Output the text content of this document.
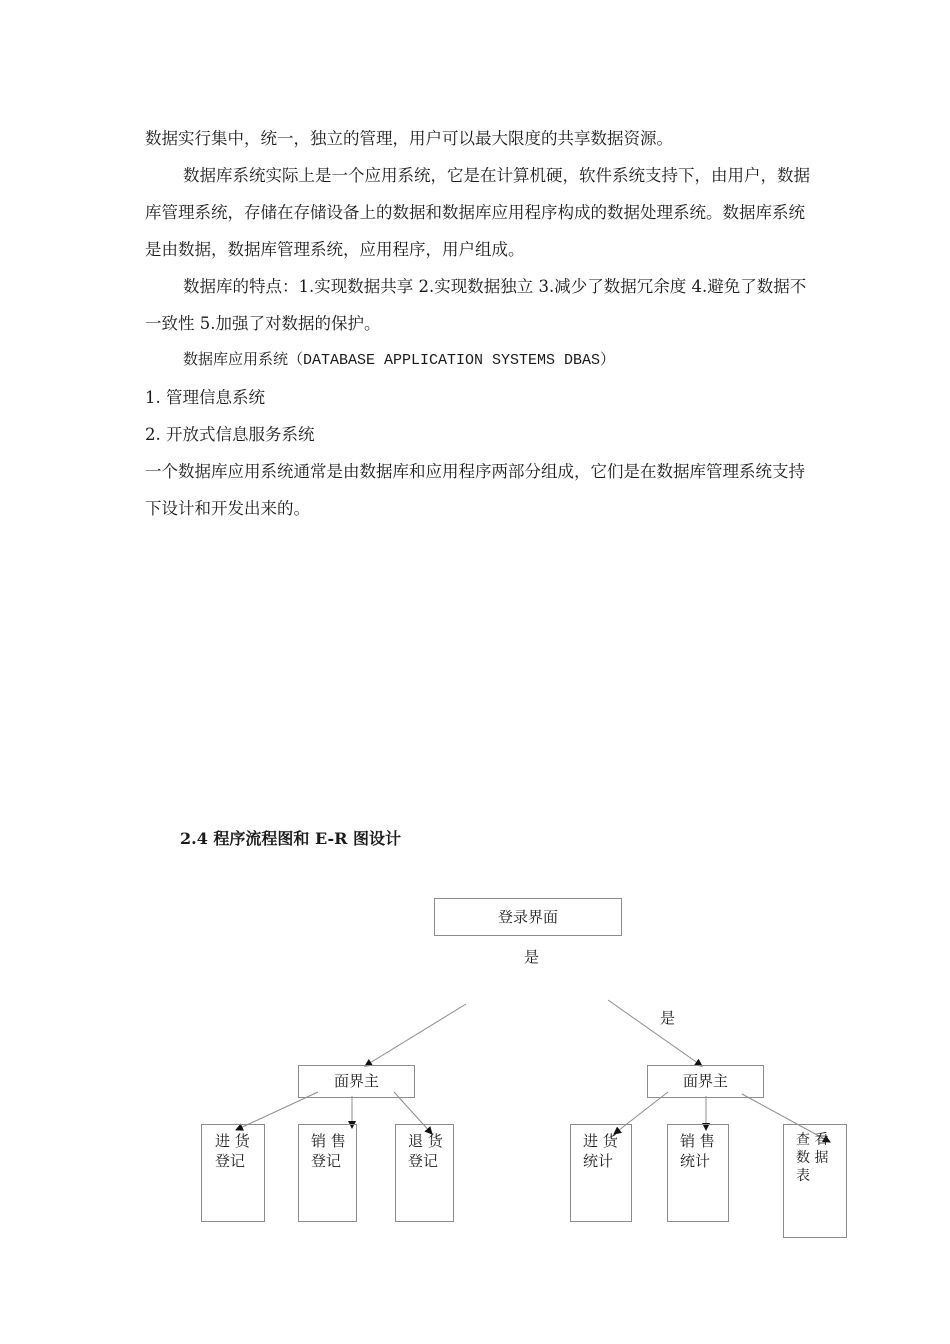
数据实行集中，统一，独立的管理，用户可以最大限度的共享数据资源。

数据库系统实际上是一个应用系统，它是在计算机硬，软件系统支持下，由用户，数据库管理系统，存储在存储设备上的数据和数据库应用程序构成的数据处理系统。数据库系统是由数据，数据库管理系统，应用程序，用户组成。

数据库的特点：1.实现数据共享 2.实现数据独立 3.减少了数据冗余度 4.避免了数据不一致性 5.加强了对数据的保护。

数据库应用系统（DATABASE APPLICATION SYSTEMS DBAS）

1. 管理信息系统

2. 开放式信息服务系统

一个数据库应用系统通常是由数据库和应用程序两部分组成，它们是在数据库管理系统支持下设计和开发出来的。

2.4 程序流程图和 E-R 图设计
登录界面
是
是
面界主	面界主
进 货
登记
销 售
登记
退 货
登记
进 货
统计
销 售
统计
查 看
数 据
表
